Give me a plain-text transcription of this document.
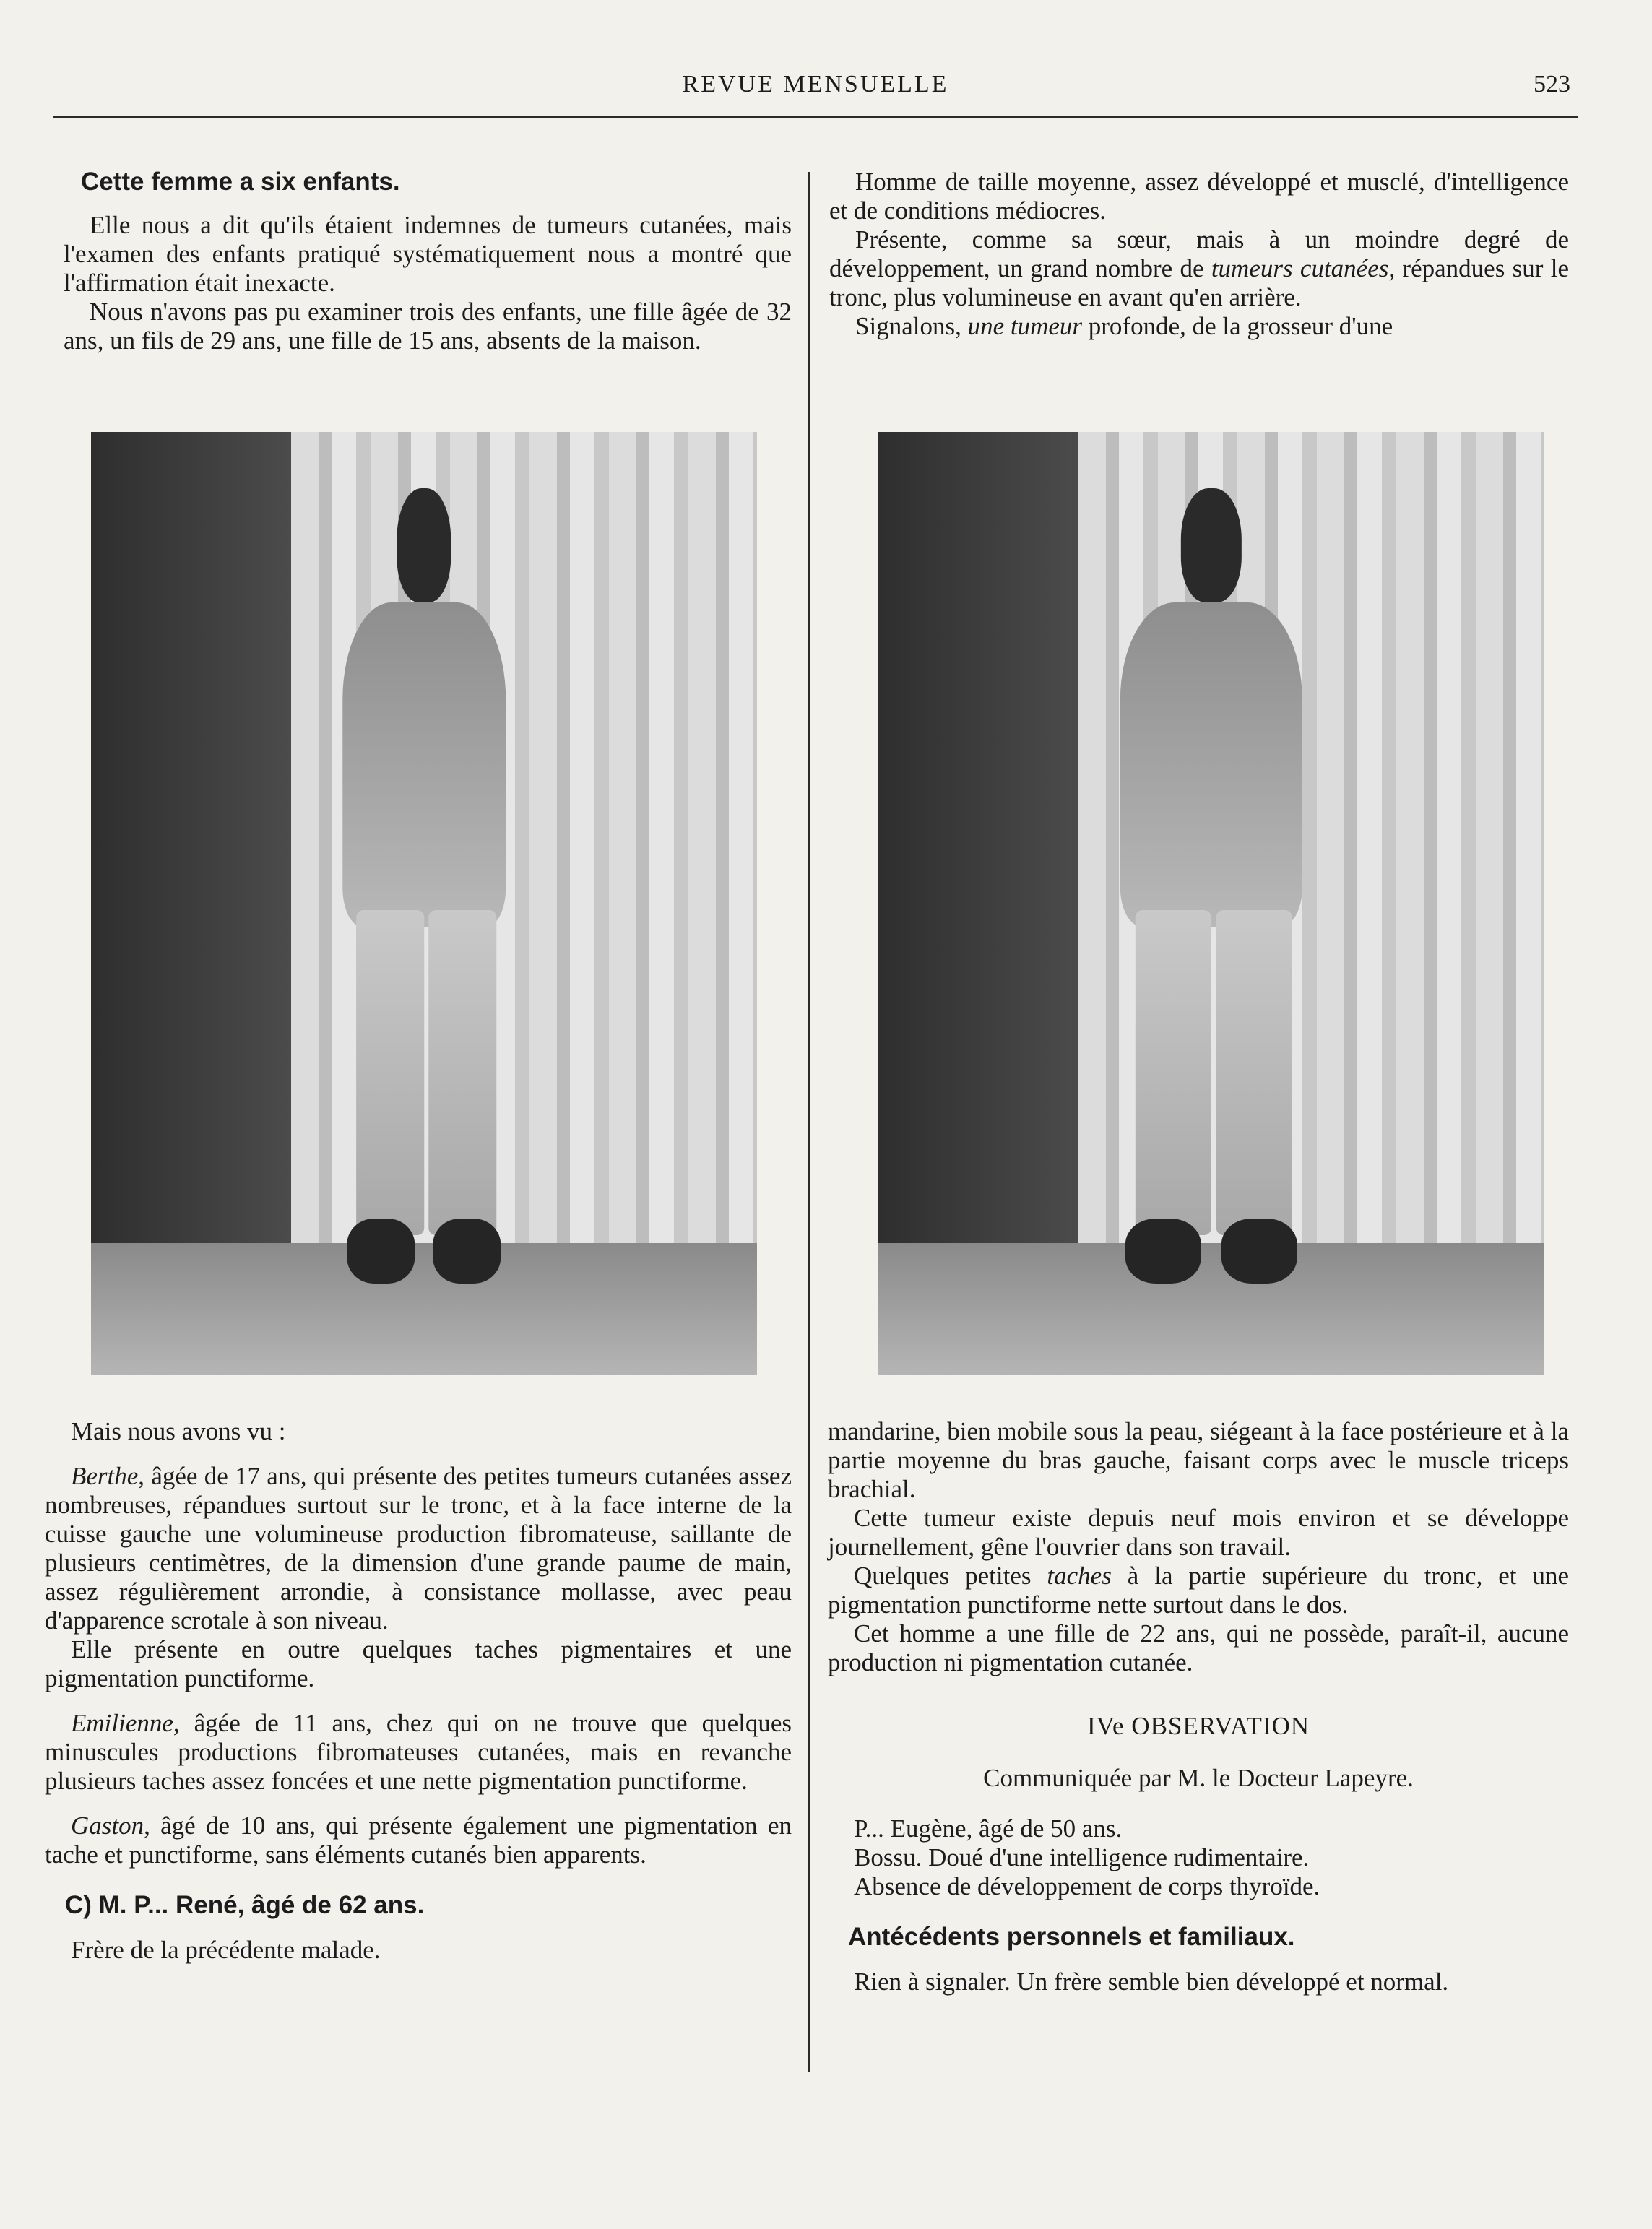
REVUE MENSUELLE	523

Cette femme a six enfants.

Elle nous a dit qu'ils étaient indemnes de tumeurs cutanées, mais l'examen des enfants pratiqué systématiquement nous a montré que l'affirmation était inexacte.

Nous n'avons pas pu examiner trois des enfants, une fille âgée de 32 ans, un fils de 29 ans, une fille de 15 ans, absents de la maison.

Homme de taille moyenne, assez développé et musclé, d'intelligence et de conditions médiocres.

Présente, comme sa sœur, mais à un moindre degré de développement, un grand nombre de tumeurs cutanées, répandues sur le tronc, plus volumineuse en avant qu'en arrière.

Signalons, une tumeur profonde, de la grosseur d'une

Mais nous avons vu :

Berthe, âgée de 17 ans, qui présente des petites tumeurs cutanées assez nombreuses, répandues surtout sur le tronc, et à la face interne de la cuisse gauche une volumineuse production fibromateuse, saillante de plusieurs centimètres, de la dimension d'une grande paume de main, assez régulièrement arrondie, à consistance mollasse, avec peau d'apparence scrotale à son niveau.

Elle présente en outre quelques taches pigmentaires et une pigmentation punctiforme.

Emilienne, âgée de 11 ans, chez qui on ne trouve que quelques minuscules productions fibromateuses cutanées, mais en revanche plusieurs taches assez foncées et une nette pigmentation punctiforme.

Gaston, âgé de 10 ans, qui présente également une pigmentation en tache et punctiforme, sans éléments cutanés bien apparents.

C) M. P... René, âgé de 62 ans.

Frère de la précédente malade.

mandarine, bien mobile sous la peau, siégeant à la face postérieure et à la partie moyenne du bras gauche, faisant corps avec le muscle triceps brachial.

Cette tumeur existe depuis neuf mois environ et se développe journellement, gêne l'ouvrier dans son travail.

Quelques petites taches à la partie supérieure du tronc, et une pigmentation punctiforme nette surtout dans le dos.

Cet homme a une fille de 22 ans, qui ne possède, paraît-il, aucune production ni pigmentation cutanée.

IVe OBSERVATION

Communiquée par M. le Docteur Lapeyre.

P... Eugène, âgé de 50 ans.

Bossu. Doué d'une intelligence rudimentaire.

Absence de développement de corps thyroïde.

Antécédents personnels et familiaux.

Rien à signaler. Un frère semble bien développé et normal.
